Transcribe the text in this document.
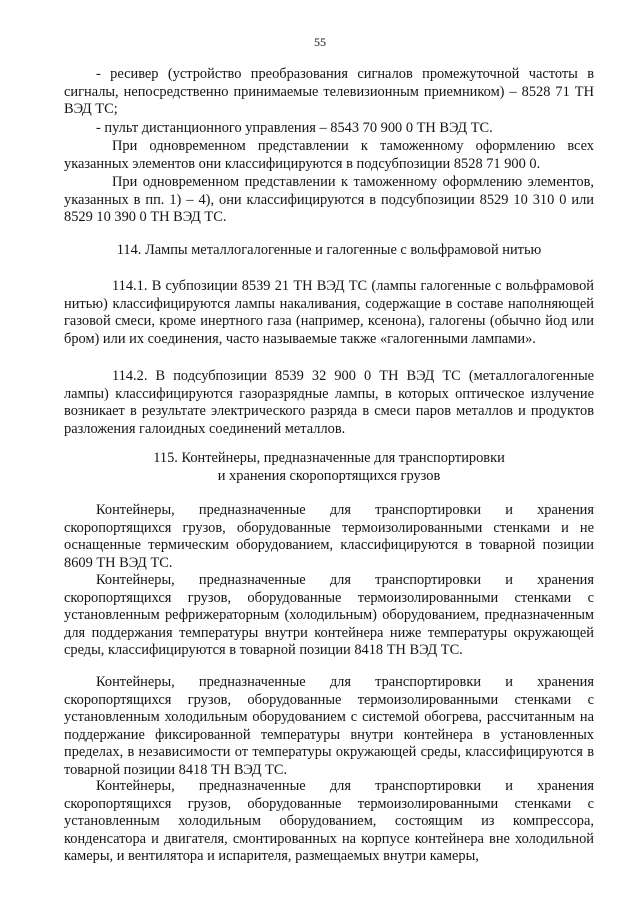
55

- ресивер (устройство преобразования сигналов промежуточной частоты в сигналы, непосредственно принимаемые телевизионным приемником) – 8528 71 ТН ВЭД ТС;

- пульт дистанционного управления – 8543 70 900 0 ТН ВЭД ТС.

При одновременном представлении к таможенному оформлению всех указанных элементов они классифицируются в подсубпозиции 8528 71 900 0.

При одновременном представлении к таможенному оформлению элементов, указанных в пп. 1) – 4), они классифицируются в подсубпозиции 8529 10 310 0 или 8529 10 390 0 ТН ВЭД ТС.

114. Лампы металлогалогенные и галогенные с вольфрамовой нитью

114.1. В субпозиции 8539 21 ТН ВЭД ТС (лампы галогенные с вольфрамовой нитью) классифицируются лампы накаливания, содержащие в составе наполняющей газовой смеси, кроме инертного газа (например, ксенона), галогены (обычно йод или бром) или их соединения, часто называемые также «галогенными лампами».

114.2. В подсубпозиции 8539 32 900 0 ТН ВЭД ТС (металлогалогенные лампы) классифицируются газоразрядные лампы, в которых оптическое излучение возникает в результате электрического разряда в смеси паров металлов и продуктов разложения галоидных соединений металлов.

115. Контейнеры, предназначенные для транспортировки

и хранения скоропортящихся грузов

Контейнеры, предназначенные для транспортировки и хранения скоропортящихся грузов, оборудованные термоизолированными стенками и не оснащенные термическим оборудованием, классифицируются в товарной позиции 8609 ТН ВЭД ТС.

Контейнеры, предназначенные для транспортировки и хранения скоропортящихся грузов, оборудованные термоизолированными стенками с установленным рефрижераторным (холодильным) оборудованием, предназначенным для поддержания температуры внутри контейнера ниже температуры окружающей среды, классифицируются в товарной позиции 8418 ТН ВЭД ТС.

Контейнеры, предназначенные для транспортировки и хранения скоропортящихся грузов, оборудованные термоизолированными стенками с установленным холодильным оборудованием с системой обогрева, рассчитанным на поддержание фиксированной температуры внутри контейнера в установленных пределах, в независимости от температуры окружающей среды, классифицируются в товарной позиции 8418 ТН ВЭД ТС.

Контейнеры, предназначенные для транспортировки и хранения скоропортящихся грузов, оборудованные термоизолированными стенками с установленным холодильным оборудованием, состоящим из компрессора, конденсатора и двигателя, смонтированных на корпусе контейнера вне холодильной камеры, и вентилятора и испарителя, размещаемых внутри камеры,
